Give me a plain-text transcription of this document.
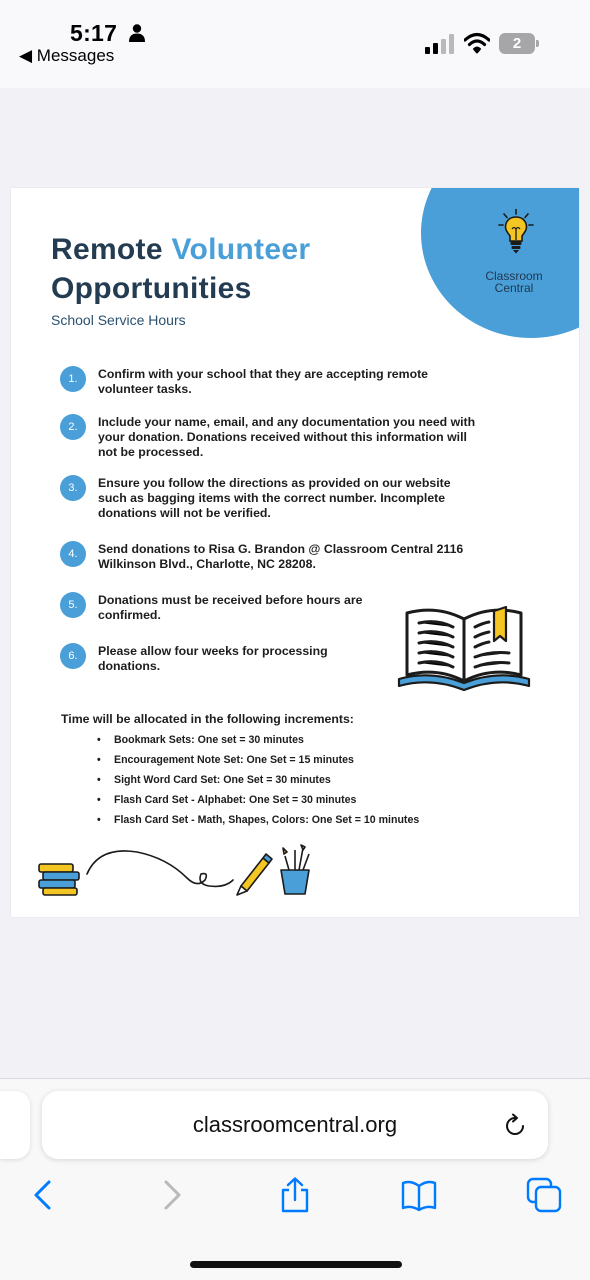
5:17
◀ Messages
2
Classroom
Central
Remote Volunteer
Opportunities
School Service Hours
1.	Confirm with your school that they are accepting remote volunteer tasks.
2.	Include your name, email, and any documentation you need with your donation. Donations received without this information will not be processed.
3.	Ensure you follow the directions as provided on our website such as bagging items with the correct number. Incomplete donations will not be verified.
4.	Send donations to Risa G. Brandon @ Classroom Central 2116 Wilkinson Blvd., Charlotte, NC 28208.
5.	Donations must be received before hours are confirmed.
6.	Please allow four weeks for processing donations.
Time will be allocated in the following increments:
• Bookmark Sets: One set = 30 minutes
• Encouragement Note Set: One Set = 15 minutes
• Sight Word Card Set: One Set = 30 minutes
• Flash Card Set - Alphabet: One Set = 30 minutes
• Flash Card Set - Math, Shapes, Colors: One Set = 10 minutes
classroomcentral.org
